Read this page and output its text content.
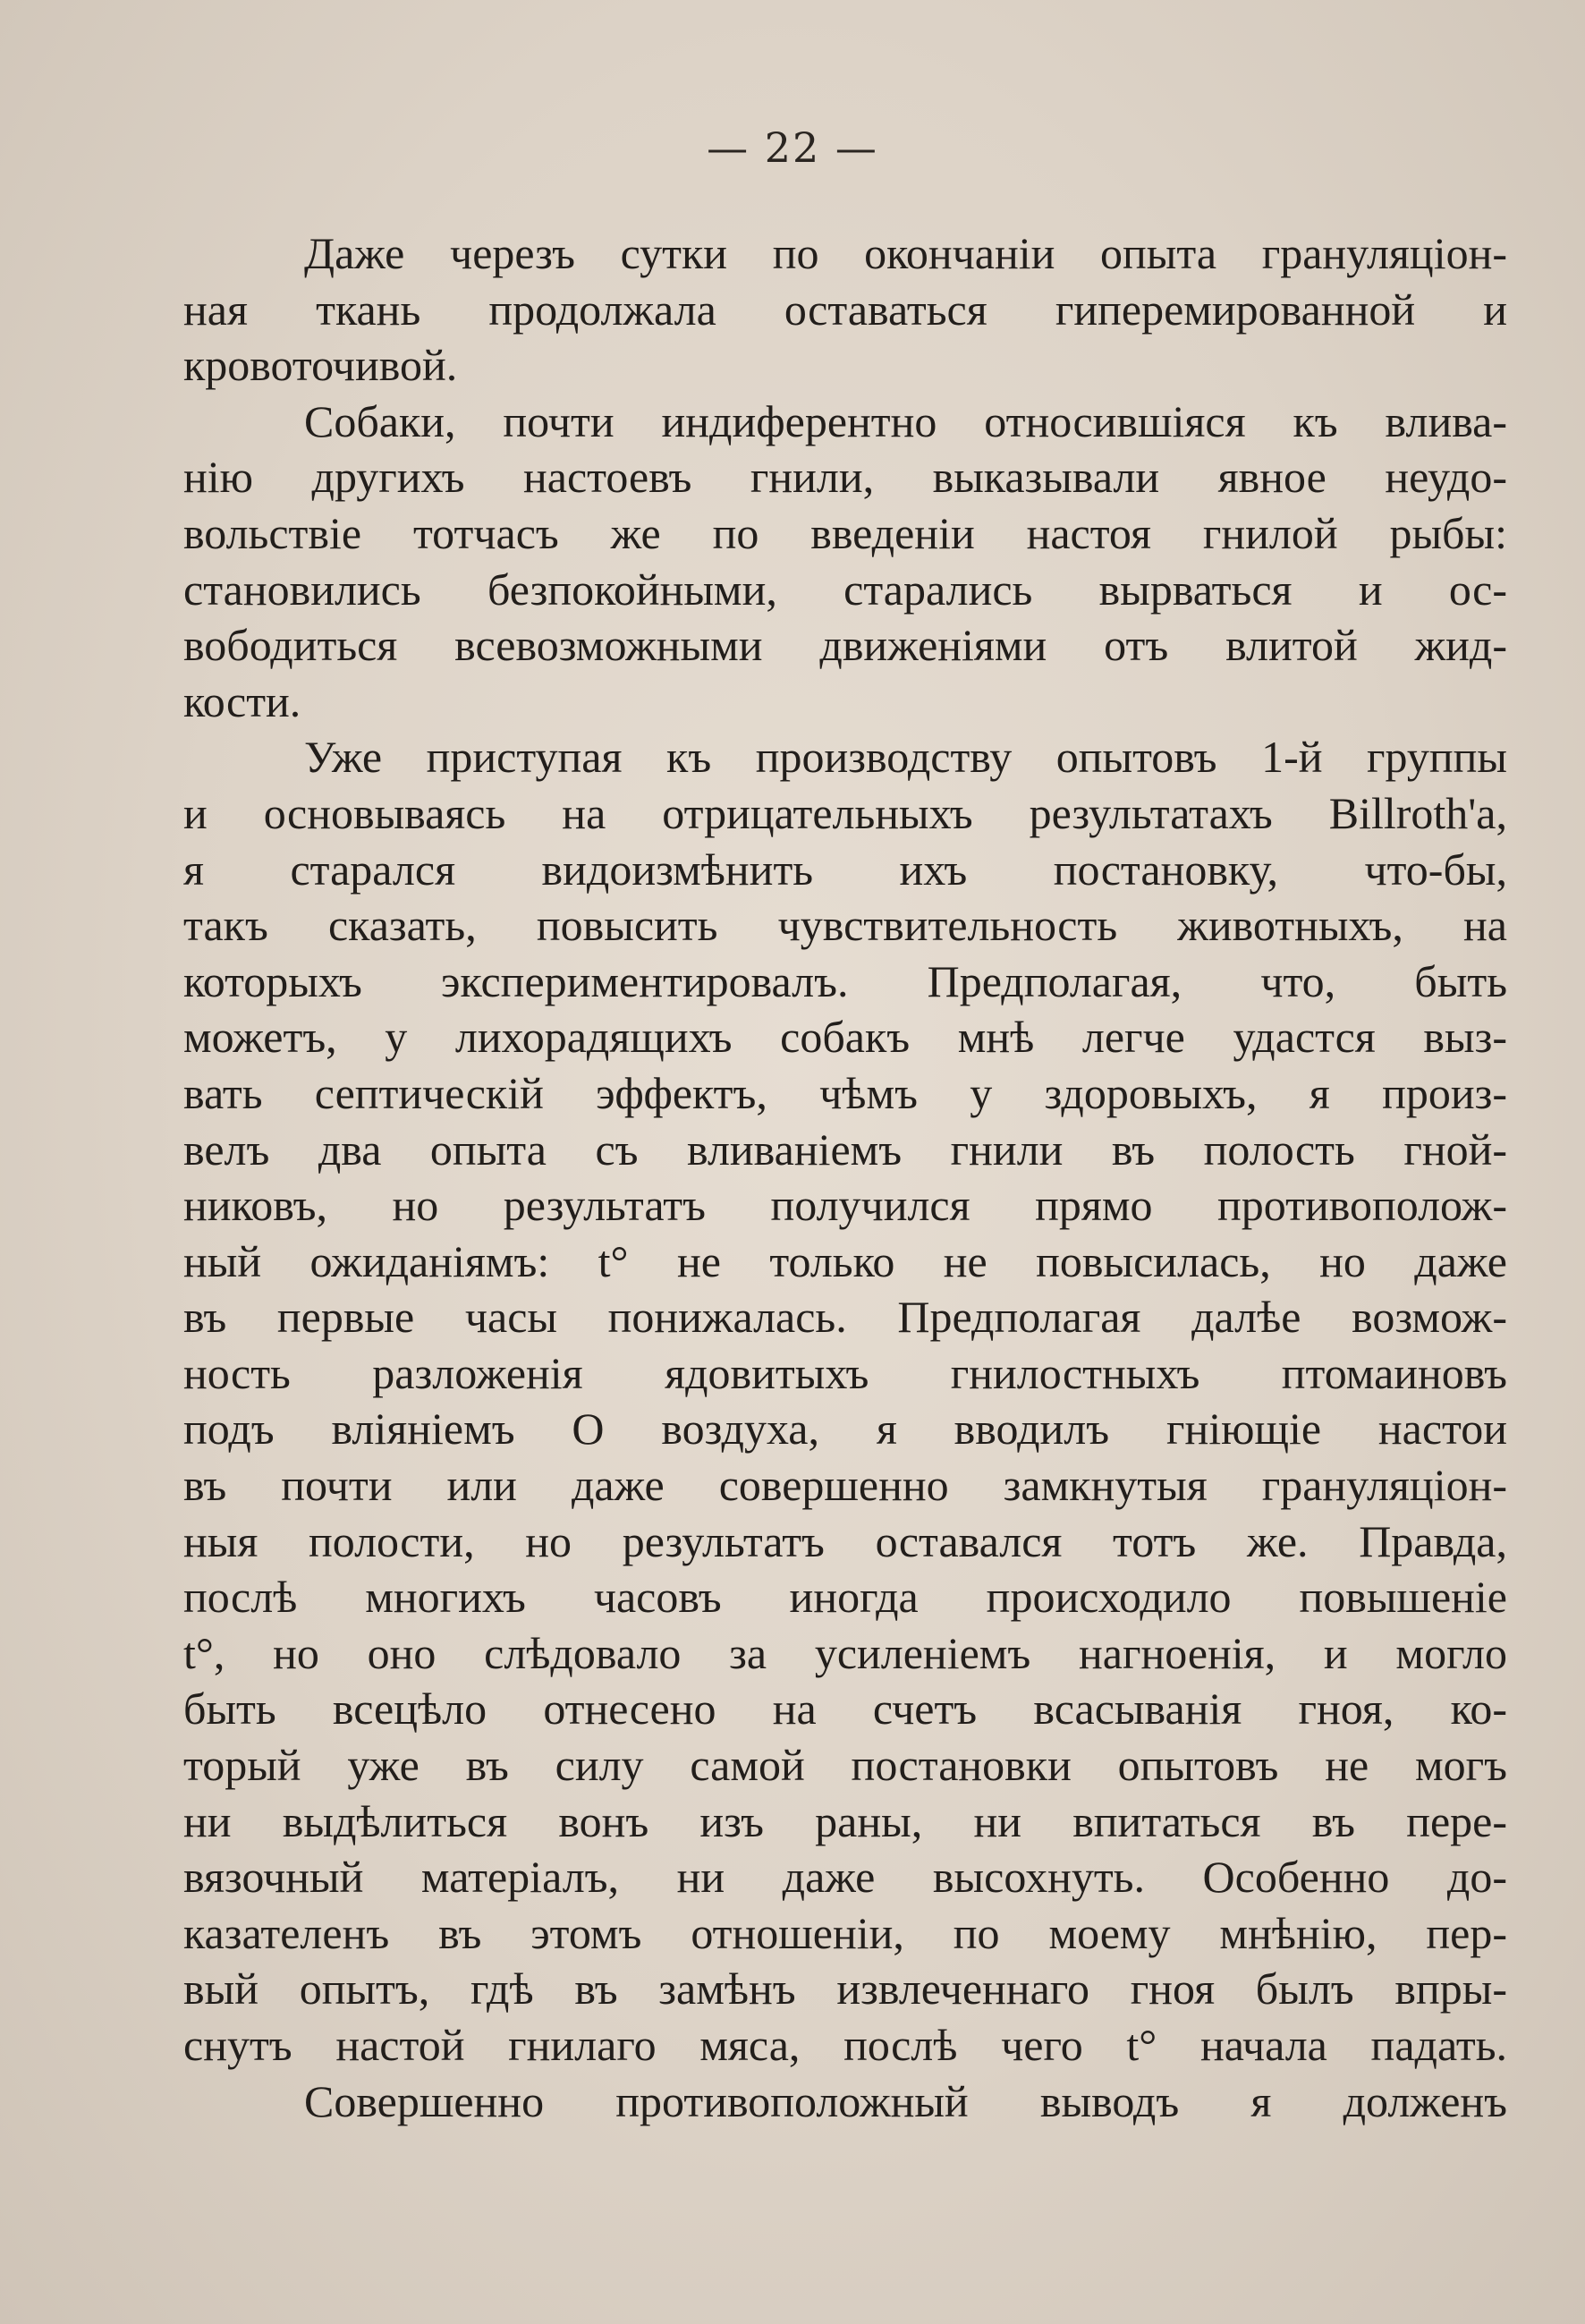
— 22 —
Даже черезъ сутки по окончаніи опыта грануляціон-
ная ткань продолжала оставаться гиперемированной и
кровоточивой.
Собаки, почти индиферентно относившіяся къ влива-
нію другихъ настоевъ гнили, выказывали явное неудо-
вольствіе тотчасъ же по введеніи настоя гнилой рыбы:
становились безпокойными, старались вырваться и ос-
вободиться всевозможными движеніями отъ влитой жид-
кости.
Уже приступая къ производству опытовъ 1-й группы
и основываясь на отрицательныхъ результатахъ Billroth'a,
я старался видоизмѣнить ихъ постановку, что-бы,
такъ сказать, повысить чувствительность животныхъ, на
которыхъ экспериментировалъ. Предполагая, что, быть
можетъ, у лихорадящихъ собакъ мнѣ легче удастся выз-
вать септическій эффектъ, чѣмъ у здоровыхъ, я произ-
велъ два опыта съ вливаніемъ гнили въ полость гной-
никовъ, но результатъ получился прямо противополож-
ный ожиданіямъ: t° не только не повысилась, но даже
въ первые часы понижалась. Предполагая далѣе возмож-
ность разложенія ядовитыхъ гнилостныхъ птомаиновъ
подъ вліяніемъ О воздуха, я вводилъ гніющіе настои
въ почти или даже совершенно замкнутыя грануляціон-
ныя полости, но результатъ оставался тотъ же. Правда,
послѣ многихъ часовъ иногда происходило повышеніе
t°, но оно слѣдовало за усиленіемъ нагноенія, и могло
быть всецѣло отнесено на счетъ всасыванія гноя, ко-
торый уже въ силу самой постановки опытовъ не могъ
ни выдѣлиться вонъ изъ раны, ни впитаться въ пере-
вязочный матеріалъ, ни даже высохнуть. Особенно до-
казателенъ въ этомъ отношеніи, по моему мнѣнію, пер-
вый опытъ, гдѣ въ замѣнъ извлеченнаго гноя былъ впры-
снутъ настой гнилаго мяса, послѣ чего t° начала падать.
Совершенно противоположный выводъ я долженъ
